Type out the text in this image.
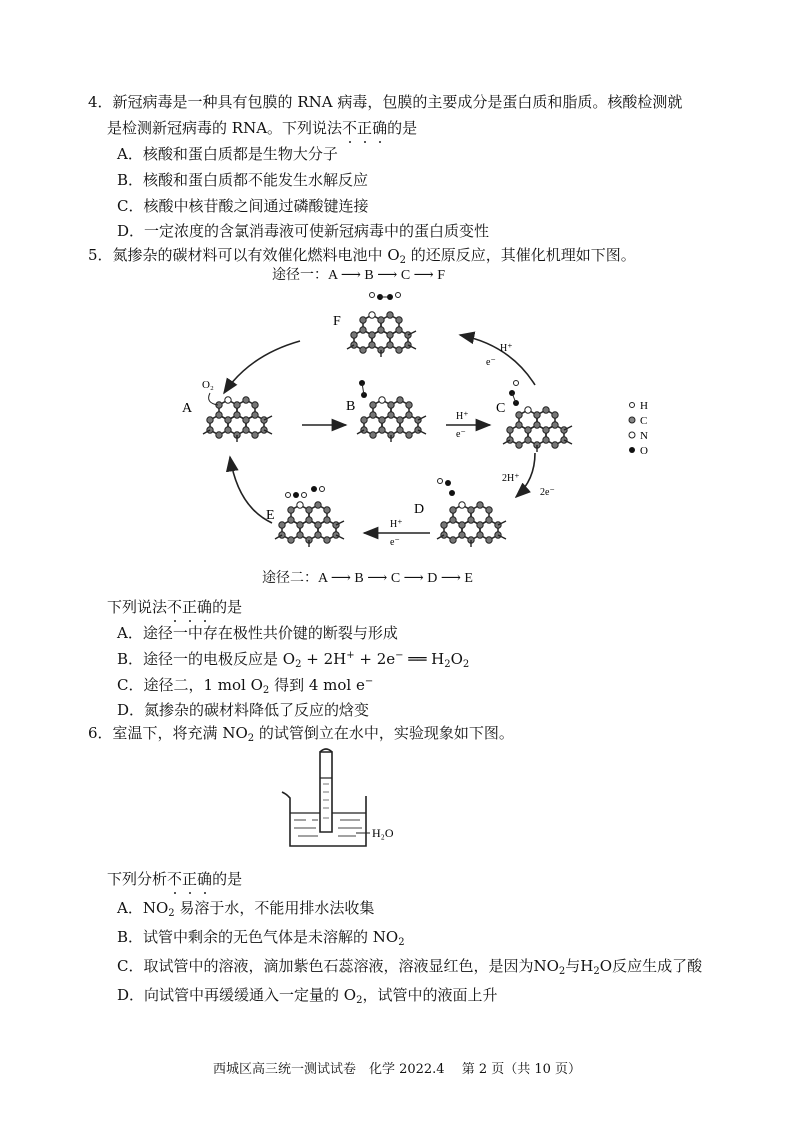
4．新冠病毒是一种具有包膜的 RNA 病毒，包膜的主要成分是蛋白质和脂质。核酸检测就
是检测新冠病毒的 RNA。下列说法不正确的是
A．核酸和蛋白质都是生物大分子
B．核酸和蛋白质都不能发生水解反应
C．核酸中核苷酸之间通过磷酸键连接
D．一定浓度的含氯消毒液可使新冠病毒中的蛋白质变性
5．氮掺杂的碳材料可以有效催化燃料电池中 $O_2$ 的还原反应，其催化机理如下图。
途径一：A ⟶ B ⟶ C ⟶ F
F
O₂
A	B	C
D
E
H⁺
e⁻
H⁺
e⁻
2H⁺
2e⁻
H⁺
e⁻
H
C
N
O
途径二：A ⟶ B ⟶ C ⟶ D ⟶ E
下列说法不正确的是
A．途径一中存在极性共价键的断裂与形成
B．途径一的电极反应是 $O_2 + 2H^+ + 2e^-$ ══ $H_2O_2$
C．途径二，1 mol $O_2$ 得到 4 mol e−
D．氮掺杂的碳材料降低了反应的焓变
6．室温下，将充满 $NO_2$ 的试管倒立在水中，实验现象如下图。
H₂O
下列分析不正确的是
A．$NO_2$ 易溶于水，不能用排水法收集
B．试管中剩余的无色气体是未溶解的 $NO_2$
C．取试管中的溶液，滴加紫色石蕊溶液，溶液显红色，是因为$NO_2$与$H_2O$反应生成了酸
D．向试管中再缓缓通入一定量的 $O_2$，试管中的液面上升
西城区高三统一测试试卷　化学 2022.4　 第 2 页（共 10 页）
